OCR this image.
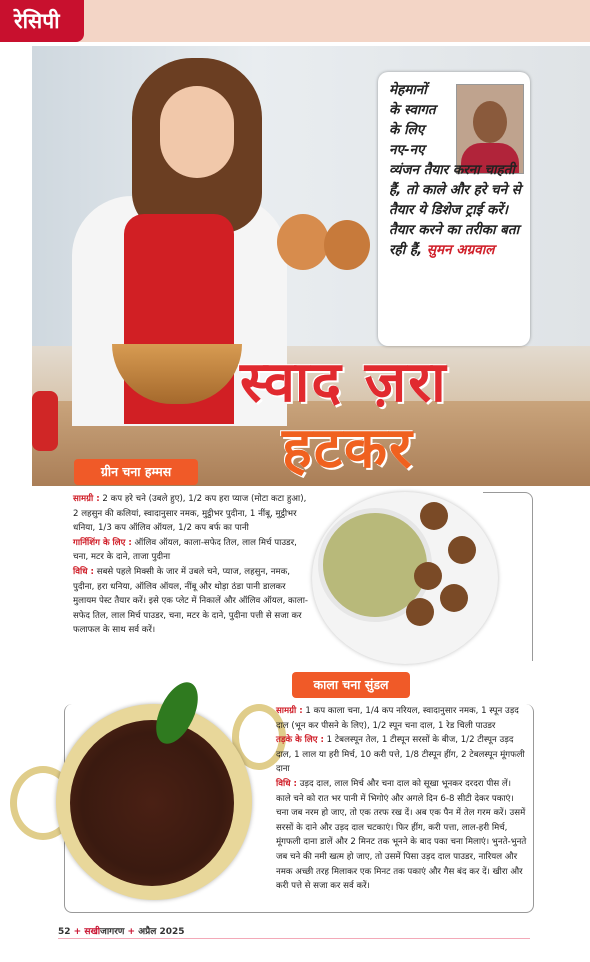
रेसिपी
मेहमानों
के स्वागत
के लिए
नए-नए
व्यंजन तैयार करना चाहती हैं, तो काले और हरे चने से तैयार ये डिशेज ट्राई करें। तैयार करने का तरीका बता रही हैं, सुमन अग्रवाल
स्वाद ज़रा
हटकर
ग्रीन चना हम्मस
सामग्री : 2 कप हरे चने (उबले हुए), 1/2 कप हरा प्याज (मोटा कटा हुआ), 2 लहसुन की कलियां, स्वादानुसार नमक, मुट्ठीभर पुदीना, 1 नींबू, मुट्ठीभर धनिया, 1/3 कप ऑलिव ऑयल, 1/2 कप बर्फ का पानी
गार्निशिंग के लिए : ऑलिव ऑयल, काला-सफेद तिल, लाल मिर्च पाउडर, चना, मटर के दाने, ताजा पुदीना
विधि : सबसे पहले मिक्सी के जार में उबले चने, प्याज, लहसुन, नमक, पुदीना, हरा धनिया, ऑलिव ऑयल, नींबू और थोड़ा ठंडा पानी डालकर मुलायम पेस्ट तैयार करें। इसे एक प्लेट में निकालें और ऑलिव ऑयल, काला-सफेद तिल, लाल मिर्च पाउडर, चना, मटर के दाने, पुदीना पत्ती से सजा कर फलाफल के साथ सर्व करें।
काला चना सुंडल
सामग्री : 1 कप काला चना, 1/4 कप नरियल, स्वादानुसार नमक, 1 स्पून उड़द दाल (भून कर पीसने के लिए), 1/2 स्पून चना दाल, 1 रेड चिली पाउडर
तड़के के लिए : 1 टेबलस्पून तेल, 1 टीस्पून सरसों के बीज, 1/2 टीस्पून उड़द दाल, 1 लाल या हरी मिर्च, 10 करी पत्ते, 1/8 टीस्पून हींग, 2 टेबलस्पून मूंगफली दाना
विधि : उड़द दाल, लाल मिर्च और चना दाल को सूखा भूनकर दरदरा पीस लें। काले चने को रात भर पानी में भिगोएं और अगले दिन 6-8 सीटी देकर पकाएं। चना जब नरम हो जाए, तो एक तरफ रख दें। अब एक पैन में तेल गरम करें। उसमें सरसों के दाने और उड़द दाल चटकाएं। फिर हींग, करी पत्ता, लाल-हरी मिर्च, मूंगफली दाना डालें और 2 मिनट तक भूनने के बाद पका चना मिलाएं। भुनते-भुनते जब चने की नमी खत्म हो जाए, तो उसमें पिसा उड़द दाल पाउडर, नारियल और नमक अच्छी तरह मिलाकर एक मिनट तक पकाएं और गैस बंद कर दें। खीरा और करी पत्ते से सजा कर सर्व करें।
52 + सखीजागरण + अप्रैल 2025
